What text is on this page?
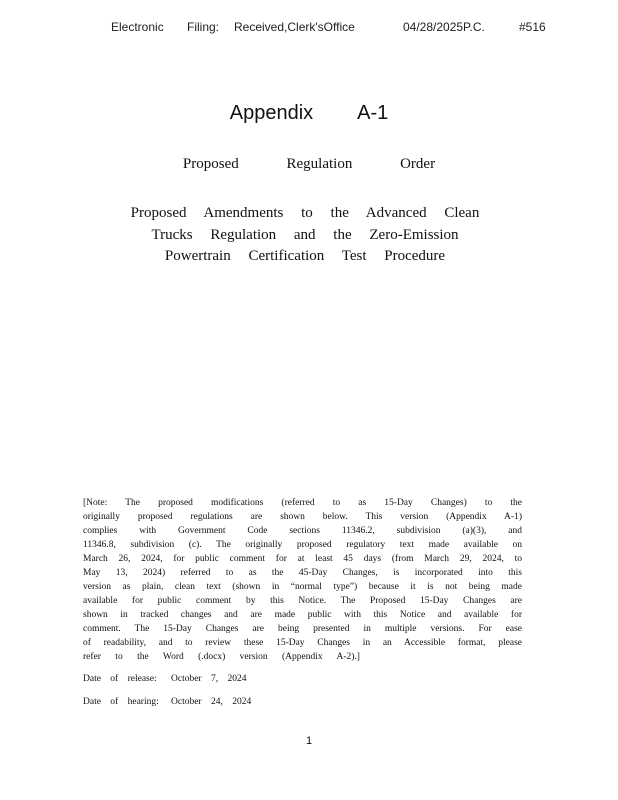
Electronic Filing: Received,Clerk'sOffice	04/28/2025P.C.	#516
Appendix A-1
Proposed Regulation Order
Proposed Amendments to the Advanced Clean
Trucks Regulation and the Zero-Emission
Powertrain Certification Test Procedure
[Note: The proposed modifications (referred to as 15-Day Changes) to the
originally proposed regulations are shown below. This version (Appendix A-1)
complies with Government Code sections 11346.2, subdivision (a)(3), and
11346.8, subdivision (c). The originally proposed regulatory text made available on
March 26, 2024, for public comment for at least 45 days (from March 29, 2024, to
May 13, 2024) referred to as the 45-Day Changes, is incorporated into this
version as plain, clean text (shown in “normal type”) because it is not being made
available for public comment by this Notice. The Proposed 15-Day Changes are
shown in tracked changes and are made public with this Notice and available for
comment. The 15-Day Changes are being presented in multiple versions. For ease
of readability, and to review these 15-Day Changes in an Accessible format, please
refer to the Word (.docx) version (Appendix A-2).]
Date of release: October 7, 2024
Date of hearing: October 24, 2024
1
